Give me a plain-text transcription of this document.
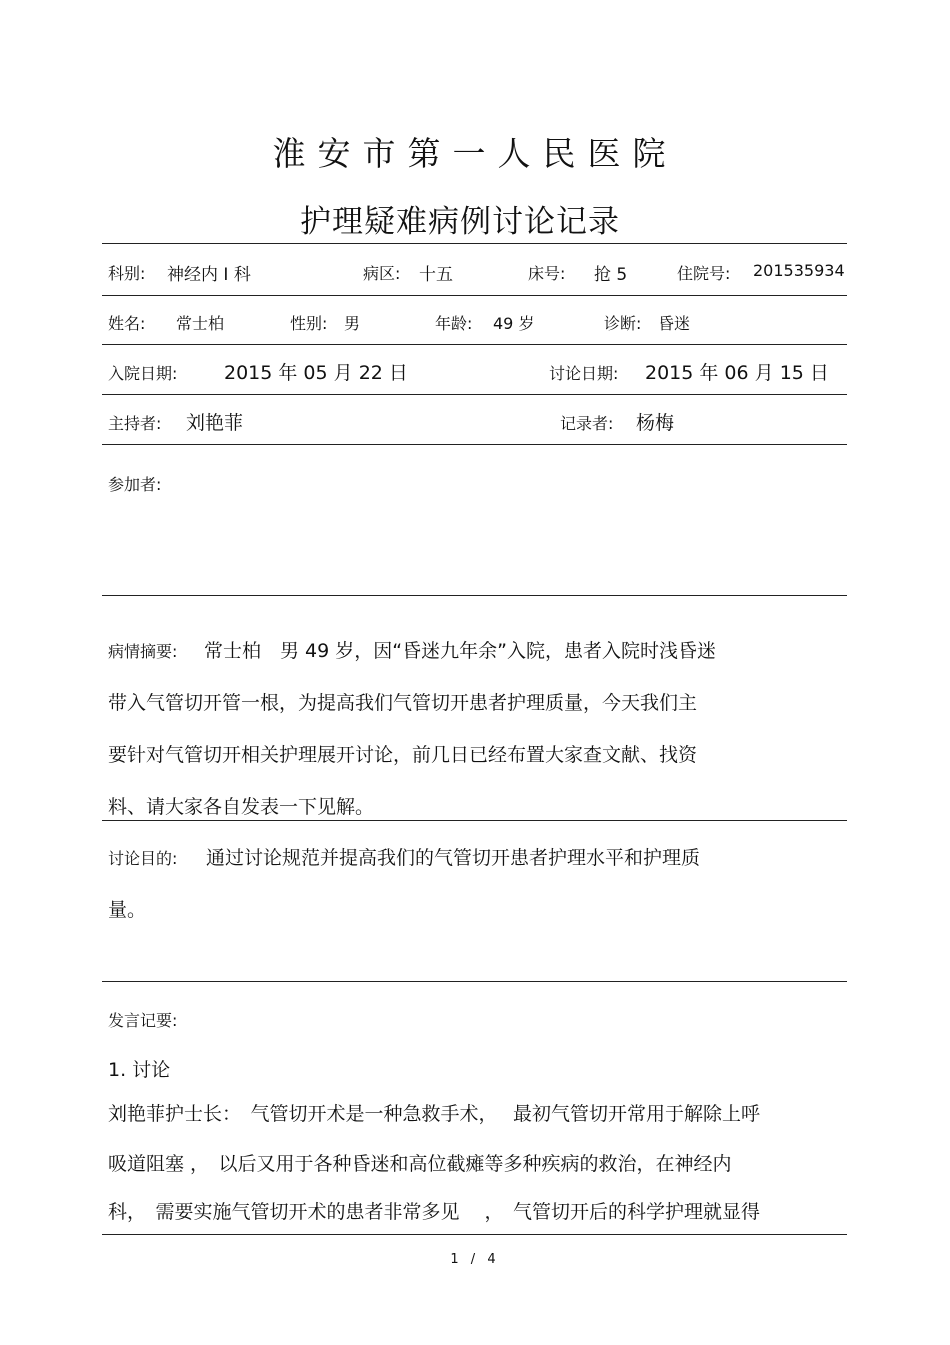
淮安市第一人民医院
护理疑难病例讨论记录
科别: 神经内 Ⅰ 科	病区: 十五	床号: 抢 5	住院号: 201535934
姓名: 常士柏	性别: 男	年龄: 49 岁	诊断: 昏迷
入院日期: 2015 年 05 月 22 日	讨论日期: 2015 年 06 月 15 日
主持者: 刘艳菲	记录者: 杨梅
参加者:
病情摘要: 常士柏　男 49 岁，因“昏迷九年余”入院，患者入院时浅昏迷
带入气管切开管一根，为提高我们气管切开患者护理质量，今天我们主
要针对气管切开相关护理展开讨论，前几日已经布置大家查文献、找资
料、请大家各自发表一下见解。
讨论目的: 通过讨论规范并提高我们的气管切开患者护理水平和护理质
量。
发言记要:
1. 讨论
刘艳菲护士长：　气管切开术是一种急救手术，　 最初气管切开常用于解除上呼
吸道阻塞 ，　以后又用于各种昏迷和高位截瘫等多种疾病的救治，在神经内
科，　需要实施气管切开术的患者非常多见　 ，　气管切开后的科学护理就显得
1 / 4
